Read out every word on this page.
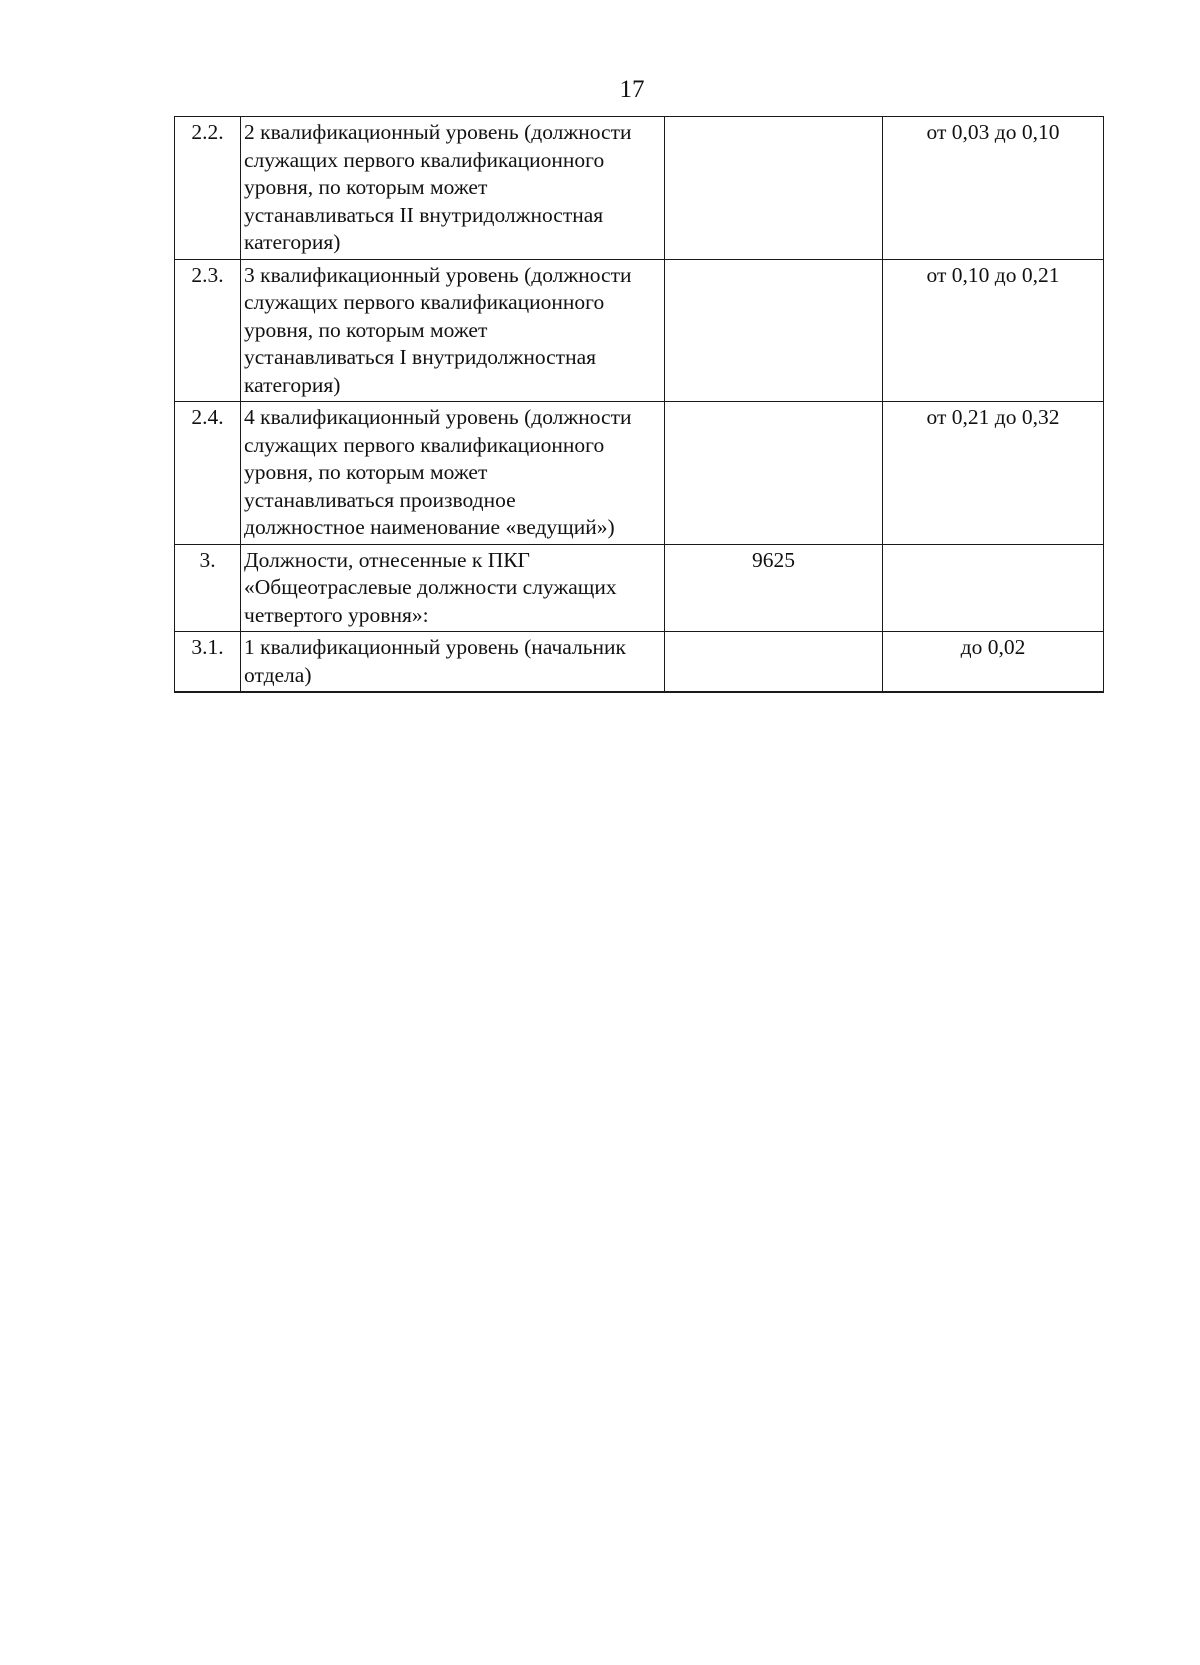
17
2.2.	2 квалификационный уровень (должности
служащих первого квалификационного
уровня, по которым может
устанавливаться II внутридолжностная
категория)		от 0,03 до 0,10
2.3.	3 квалификационный уровень (должности
служащих первого квалификационного
уровня, по которым может
устанавливаться I внутридолжностная
категория)		от 0,10 до 0,21
2.4.	4 квалификационный уровень (должности
служащих первого квалификационного
уровня, по которым может
устанавливаться производное
должностное наименование «ведущий»)		от 0,21 до 0,32
3.	Должности, отнесенные к ПКГ
«Общеотраслевые должности служащих
четвертого уровня»:	9625	
3.1.	1 квалификационный уровень (начальник
отдела)		до 0,02
